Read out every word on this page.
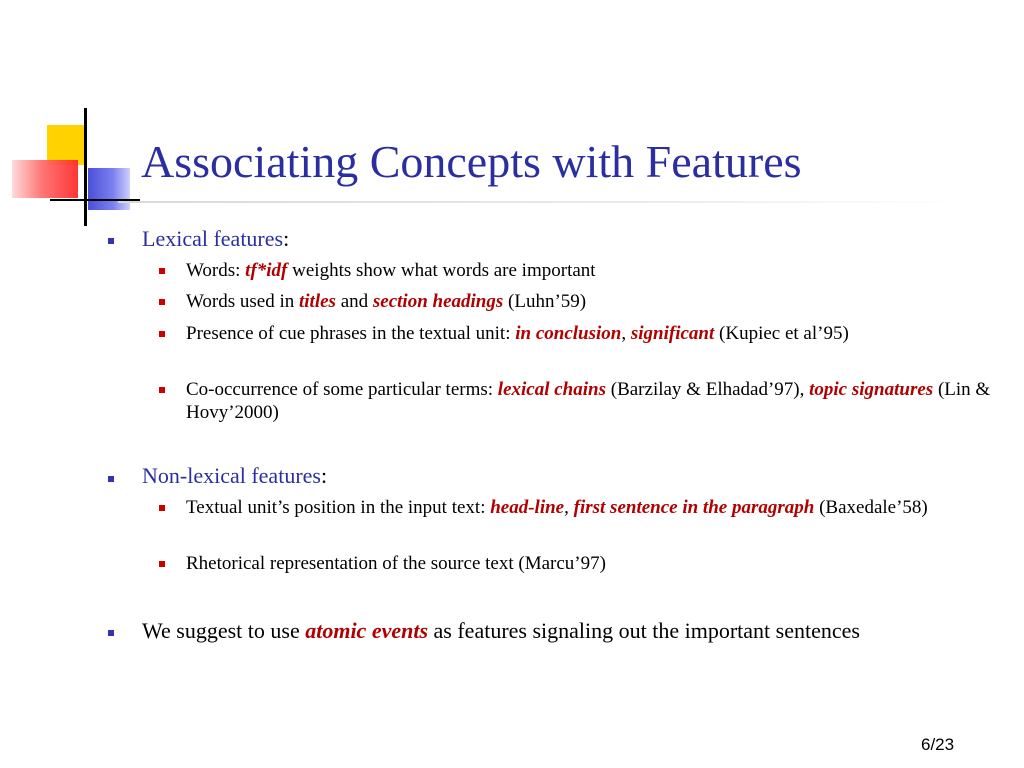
Associating Concepts with Features
Lexical features:
Words: tf*idf weights show what words are important
Words used in titles and section headings (Luhn’59)
Presence of cue phrases in the textual unit: in conclusion, significant (Kupiec et al’95)
Co-occurrence of some particular terms: lexical chains (Barzilay & Elhadad’97), topic signatures (Lin & Hovy’2000)
Non-lexical features:
Textual unit’s position in the input text: head-line, first sentence in the paragraph (Baxedale’58)
Rhetorical representation of the source text (Marcu’97)
We suggest to use atomic events as features signaling out the important sentences
6/23
